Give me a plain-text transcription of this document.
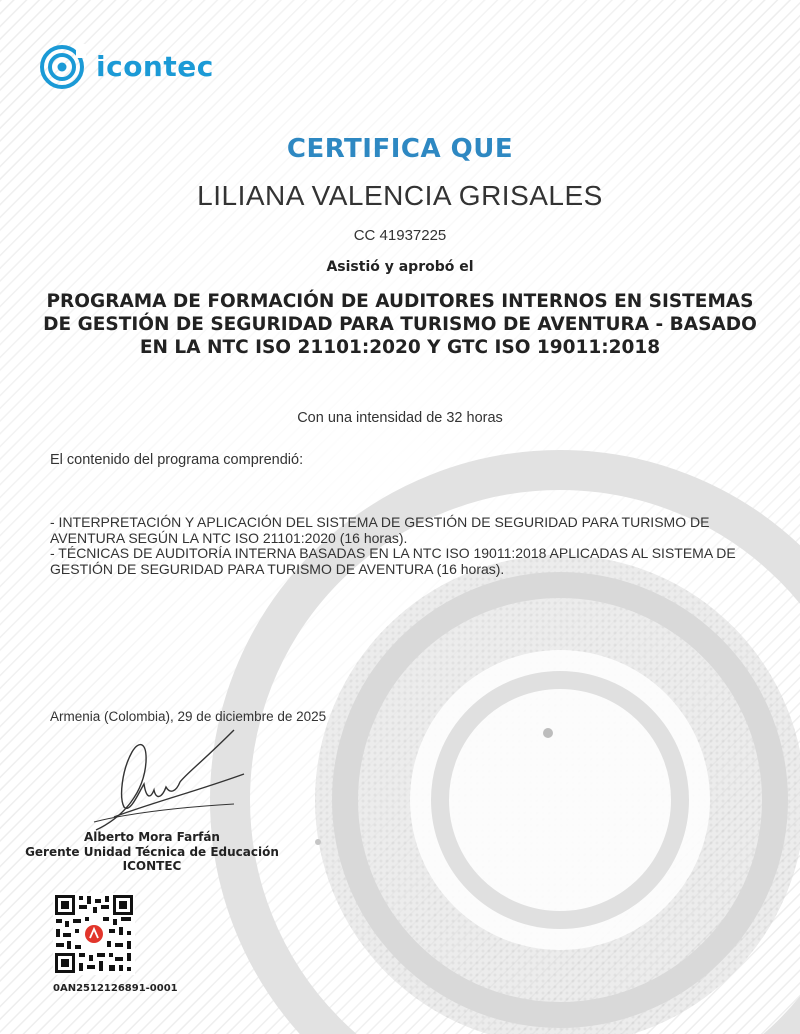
icontec
CERTIFICA QUE
LILIANA VALENCIA GRISALES
CC 41937225
Asistió y aprobó el
PROGRAMA DE FORMACIÓN DE AUDITORES INTERNOS EN SISTEMAS DE GESTIÓN DE SEGURIDAD PARA TURISMO DE AVENTURA - BASADO EN LA NTC ISO 21101:2020 Y GTC ISO 19011:2018
Con una intensidad de 32 horas
El contenido del programa comprendió:
- INTERPRETACIÓN Y APLICACIÓN DEL SISTEMA DE GESTIÓN DE SEGURIDAD PARA TURISMO DE AVENTURA SEGÚN LA NTC ISO 21101:2020 (16 horas).
- TÉCNICAS DE AUDITORÍA INTERNA BASADAS EN LA NTC ISO 19011:2018 APLICADAS AL SISTEMA DE GESTIÓN DE SEGURIDAD PARA TURISMO DE AVENTURA (16 horas).
Armenia (Colombia), 29 de diciembre de 2025
Alberto Mora Farfán
Gerente Unidad Técnica de Educación ICONTEC
0AN2512126891-0001
